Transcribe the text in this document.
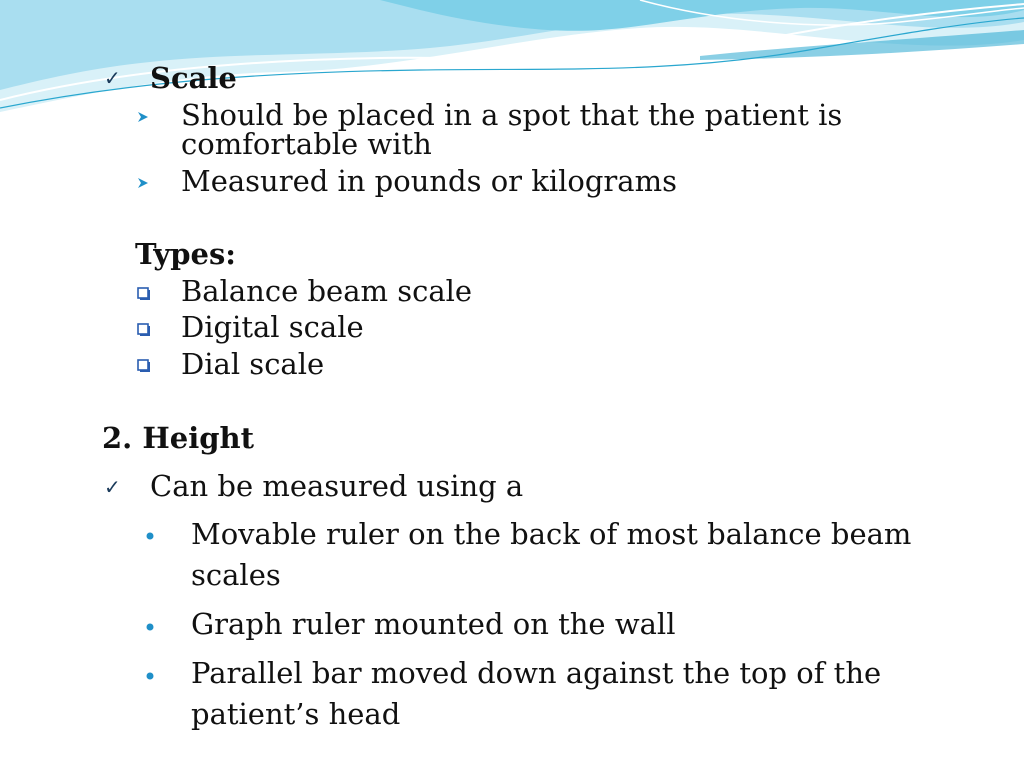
✓ Scale
Should be placed in a spot that the patient is
comfortable with
Measured in pounds or kilograms
Types:
Balance beam scale
Digital scale
Dial scale
2. Height
✓ Can be measured using a
Movable ruler on the back of most balance beam
scales
Graph ruler mounted on the wall
Parallel bar moved down against the top of the
patient’s head
